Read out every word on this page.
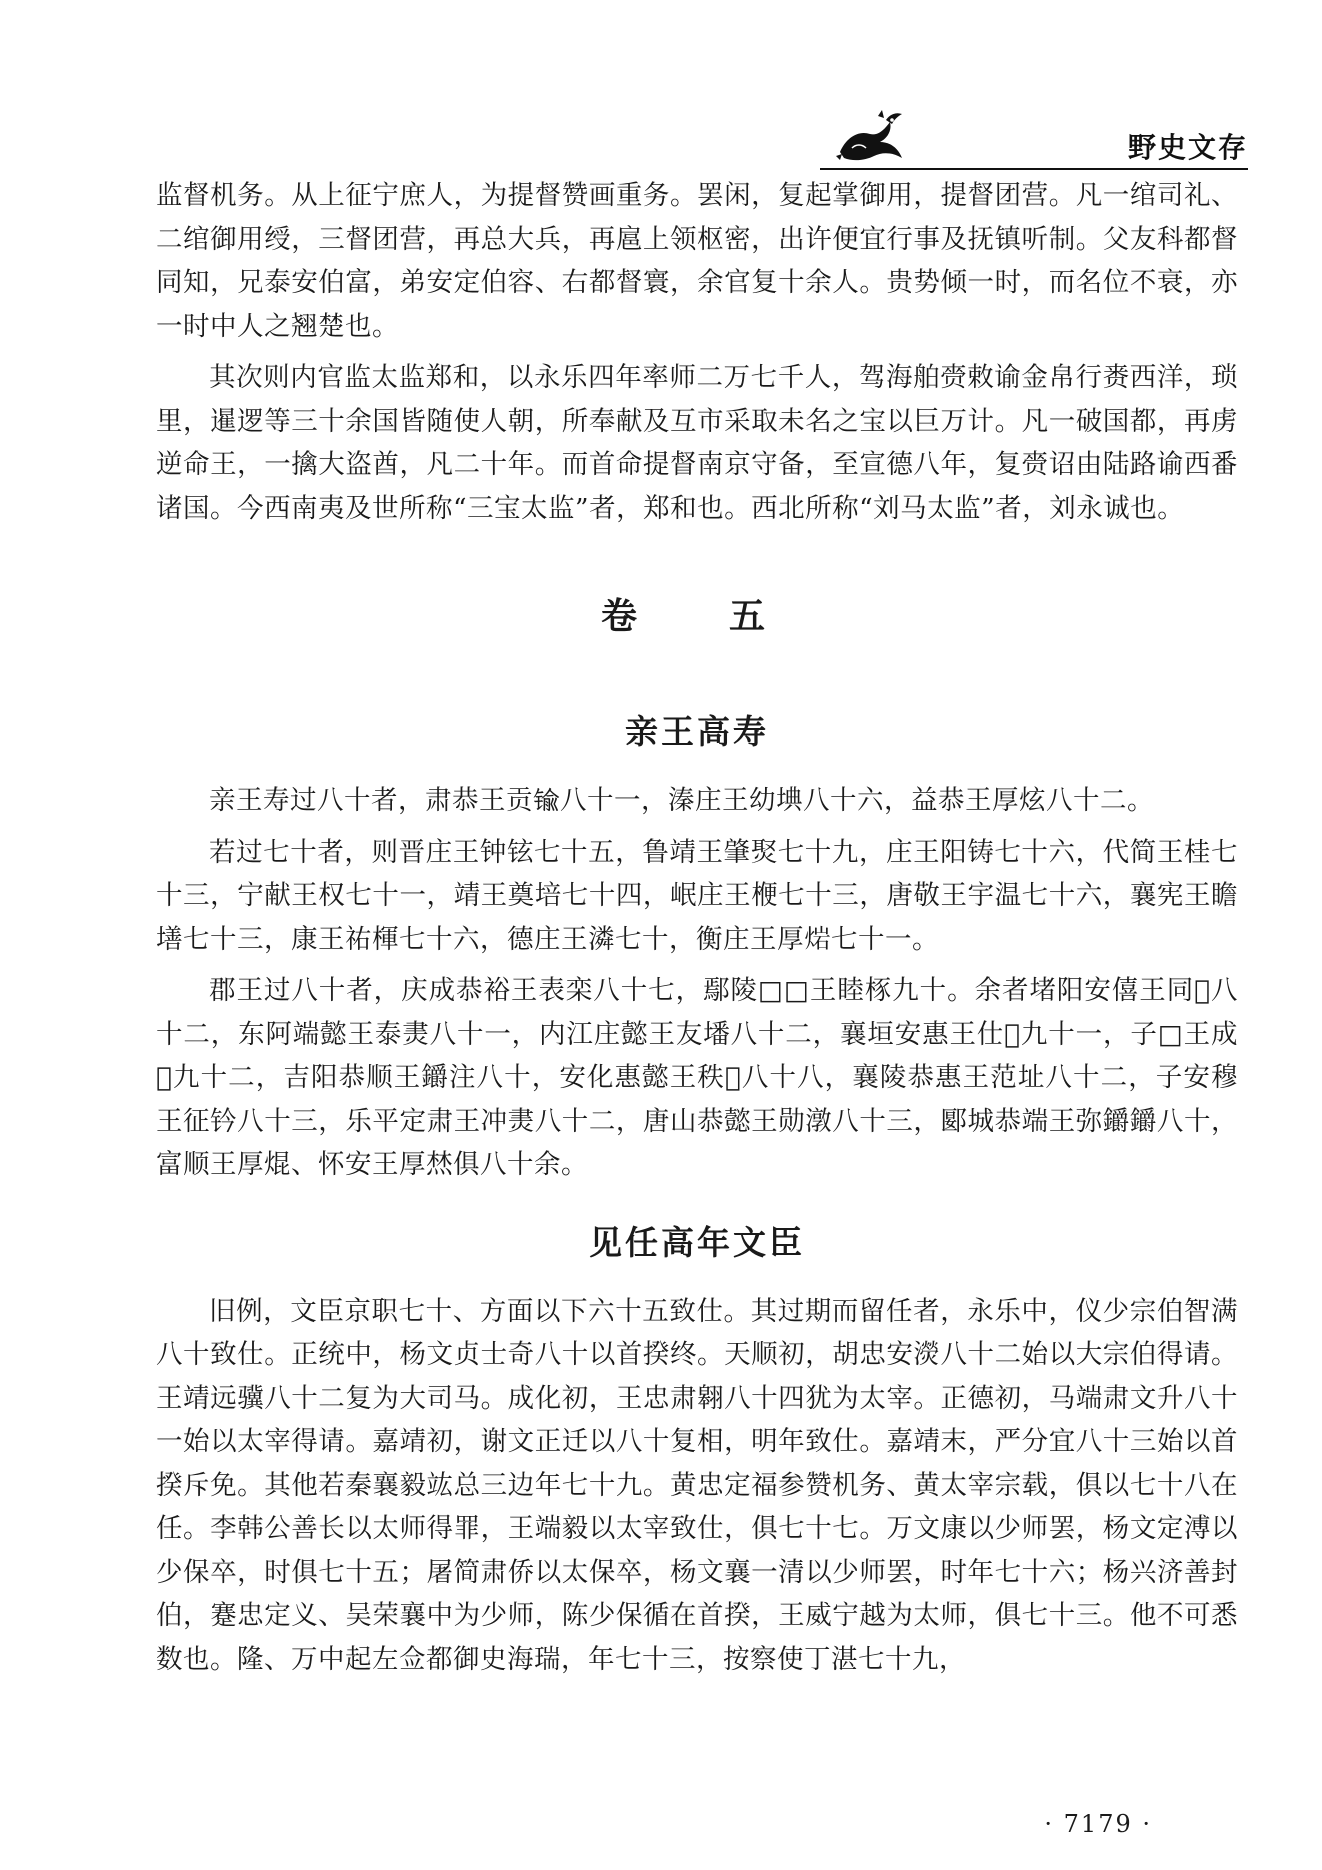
野史文存

监督机务。从上征宁庶人，为提督赞画重务。罢闲，复起掌御用，提督团营。凡一绾司礼、二绾御用绶，三督团营，再总大兵，再扈上领枢密，出许便宜行事及抚镇听制。父友科都督同知，兄泰安伯富，弟安定伯容、右都督寰，余官复十余人。贵势倾一时，而名位不衰，亦一时中人之翘楚也。

其次则内官监太监郑和，以永乐四年率师二万七千人，驾海舶赍敕谕金帛行赉西洋，琐里，暹逻等三十余国皆随使人朝，所奉献及互市采取未名之宝以巨万计。凡一破国都，再虏逆命王，一擒大盗酋，凡二十年。而首命提督南京守备，至宣德八年，复赍诏由陆路谕西番诸国。今西南夷及世所称“三宝太监”者，郑和也。西北所称“刘马太监”者，刘永诚也。

卷　五
亲王高寿

亲王寿过八十者，肃恭王贡𨱎八十一，溱庄王幼㙉八十六，益恭王厚炫八十二。

若过七十者，则晋庄王钟铉七十五，鲁靖王肇㷅七十九，庄王阳铸七十六，代简王桂七十三，宁献王权七十一，靖王奠培七十四，岷庄王楩七十三，唐敬王宇温七十六，襄宪王瞻墡七十三，康王祐楎七十六，德庄王潾七十，衡庄王厚𤊤七十一。

郡王过八十者，庆成恭裕王表栾八十七，鄢陵□□王睦㭬九十。余者堵阳安僖王同𨱋八十二，东阿端懿王泰㶳八十一，内江庄懿王友墦八十二，襄垣安惠王仕𡊮九十一，子□王成𨰾九十二，吉阳恭顺王𨰜注八十，安化惠懿王秩𤇥八十八，襄陵恭惠王范址八十二，子安穆王征钤八十三，乐平定肃王冲㶳八十二，唐山恭懿王勋潡八十三，郾城恭端王弥𨰜𨰜八十，富顺王厚焜、怀安王厚㷊俱八十余。

见任高年文臣

旧例，文臣京职七十、方面以下六十五致仕。其过期而留任者，永乐中，仪少宗伯智满八十致仕。正统中，杨文贞士奇八十以首揆终。天顺初，胡忠安濙八十二始以大宗伯得请。王靖远骥八十二复为大司马。成化初，王忠肃翱八十四犹为太宰。正德初，马端肃文升八十一始以太宰得请。嘉靖初，谢文正迁以八十复相，明年致仕。嘉靖末，严分宜八十三始以首揆斥免。其他若秦襄毅竑总三边年七十九。黄忠定福参赞机务、黄太宰宗载，俱以七十八在任。李韩公善长以太师得罪，王端毅以太宰致仕，俱七十七。万文康以少师罢，杨文定溥以少保卒，时俱七十五；屠简肃侨以太保卒，杨文襄一清以少师罢，时年七十六；杨兴济善封伯，蹇忠定义、吴荣襄中为少师，陈少保循在首揆，王威宁越为太师，俱七十三。他不可悉数也。隆、万中起左佥都御史海瑞，年七十三，按察使丁湛七十九，

· 7179 ·
